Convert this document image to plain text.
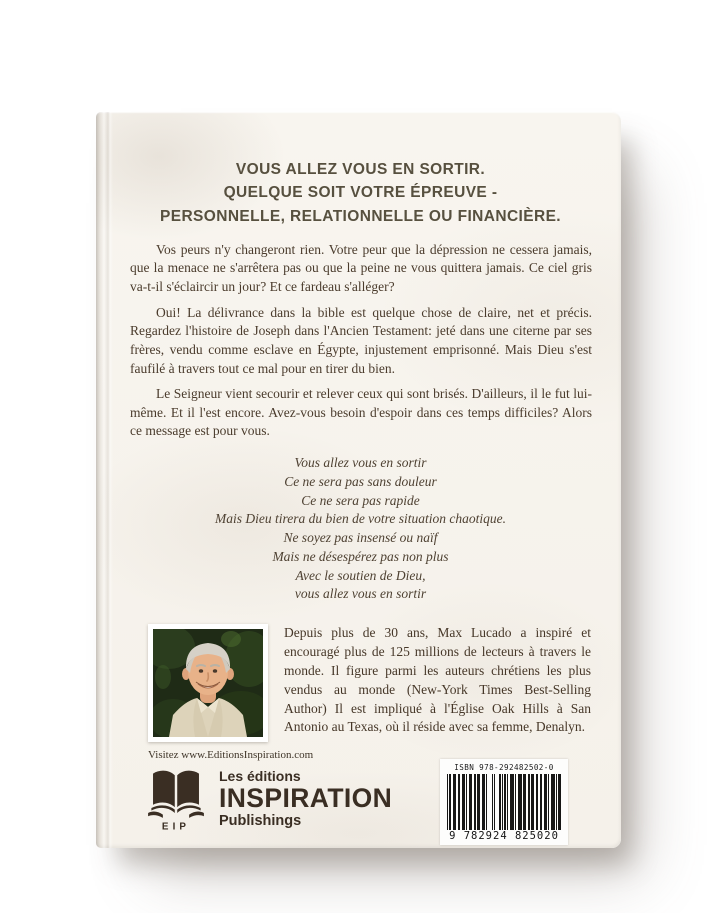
VOUS ALLEZ VOUS EN SORTIR.
QUELQUE SOIT VOTRE ÉPREUVE -
PERSONNELLE, RELATIONNELLE OU FINANCIÈRE.

Vos peurs n'y changeront rien. Votre peur que la dépression ne cessera jamais, que la menace ne s'arrêtera pas ou que la peine ne vous quittera jamais. Ce ciel gris va-t-il s'éclaircir un jour? Et ce fardeau s'alléger?

Oui! La délivrance dans la bible est quelque chose de claire, net et précis. Regardez l'histoire de Joseph dans l'Ancien Testament: jeté dans une citerne par ses frères, vendu comme esclave en Égypte, injustement emprisonné. Mais Dieu s'est faufilé à travers tout ce mal pour en tirer du bien.

Le Seigneur vient secourir et relever ceux qui sont brisés. D'ailleurs, il le fut lui-même. Et il l'est encore. Avez-vous besoin d'espoir dans ces temps difficiles? Alors ce message est pour vous.

Vous allez vous en sortir
Ce ne sera pas sans douleur
Ce ne sera pas rapide
Mais Dieu tirera du bien de votre situation chaotique.
Ne soyez pas insensé ou naïf
Mais ne désespérez pas non plus
Avec le soutien de Dieu,
vous allez vous en sortir
Depuis plus de 30 ans, Max Lucado a inspiré et encouragé plus de 125 millions de lecteurs à travers le monde. Il figure parmi les auteurs chrétiens les plus vendus au monde (New-York Times Best-Selling Author) Il est impliqué à l'Église Oak Hills à San Antonio au Texas, où il réside avec sa femme, Denalyn.
Visitez www.EditionsInspiration.com
EIP
Les éditions
INSPIRATION
Publishings
ISBN 978-292482502-0
9 782924 825020
